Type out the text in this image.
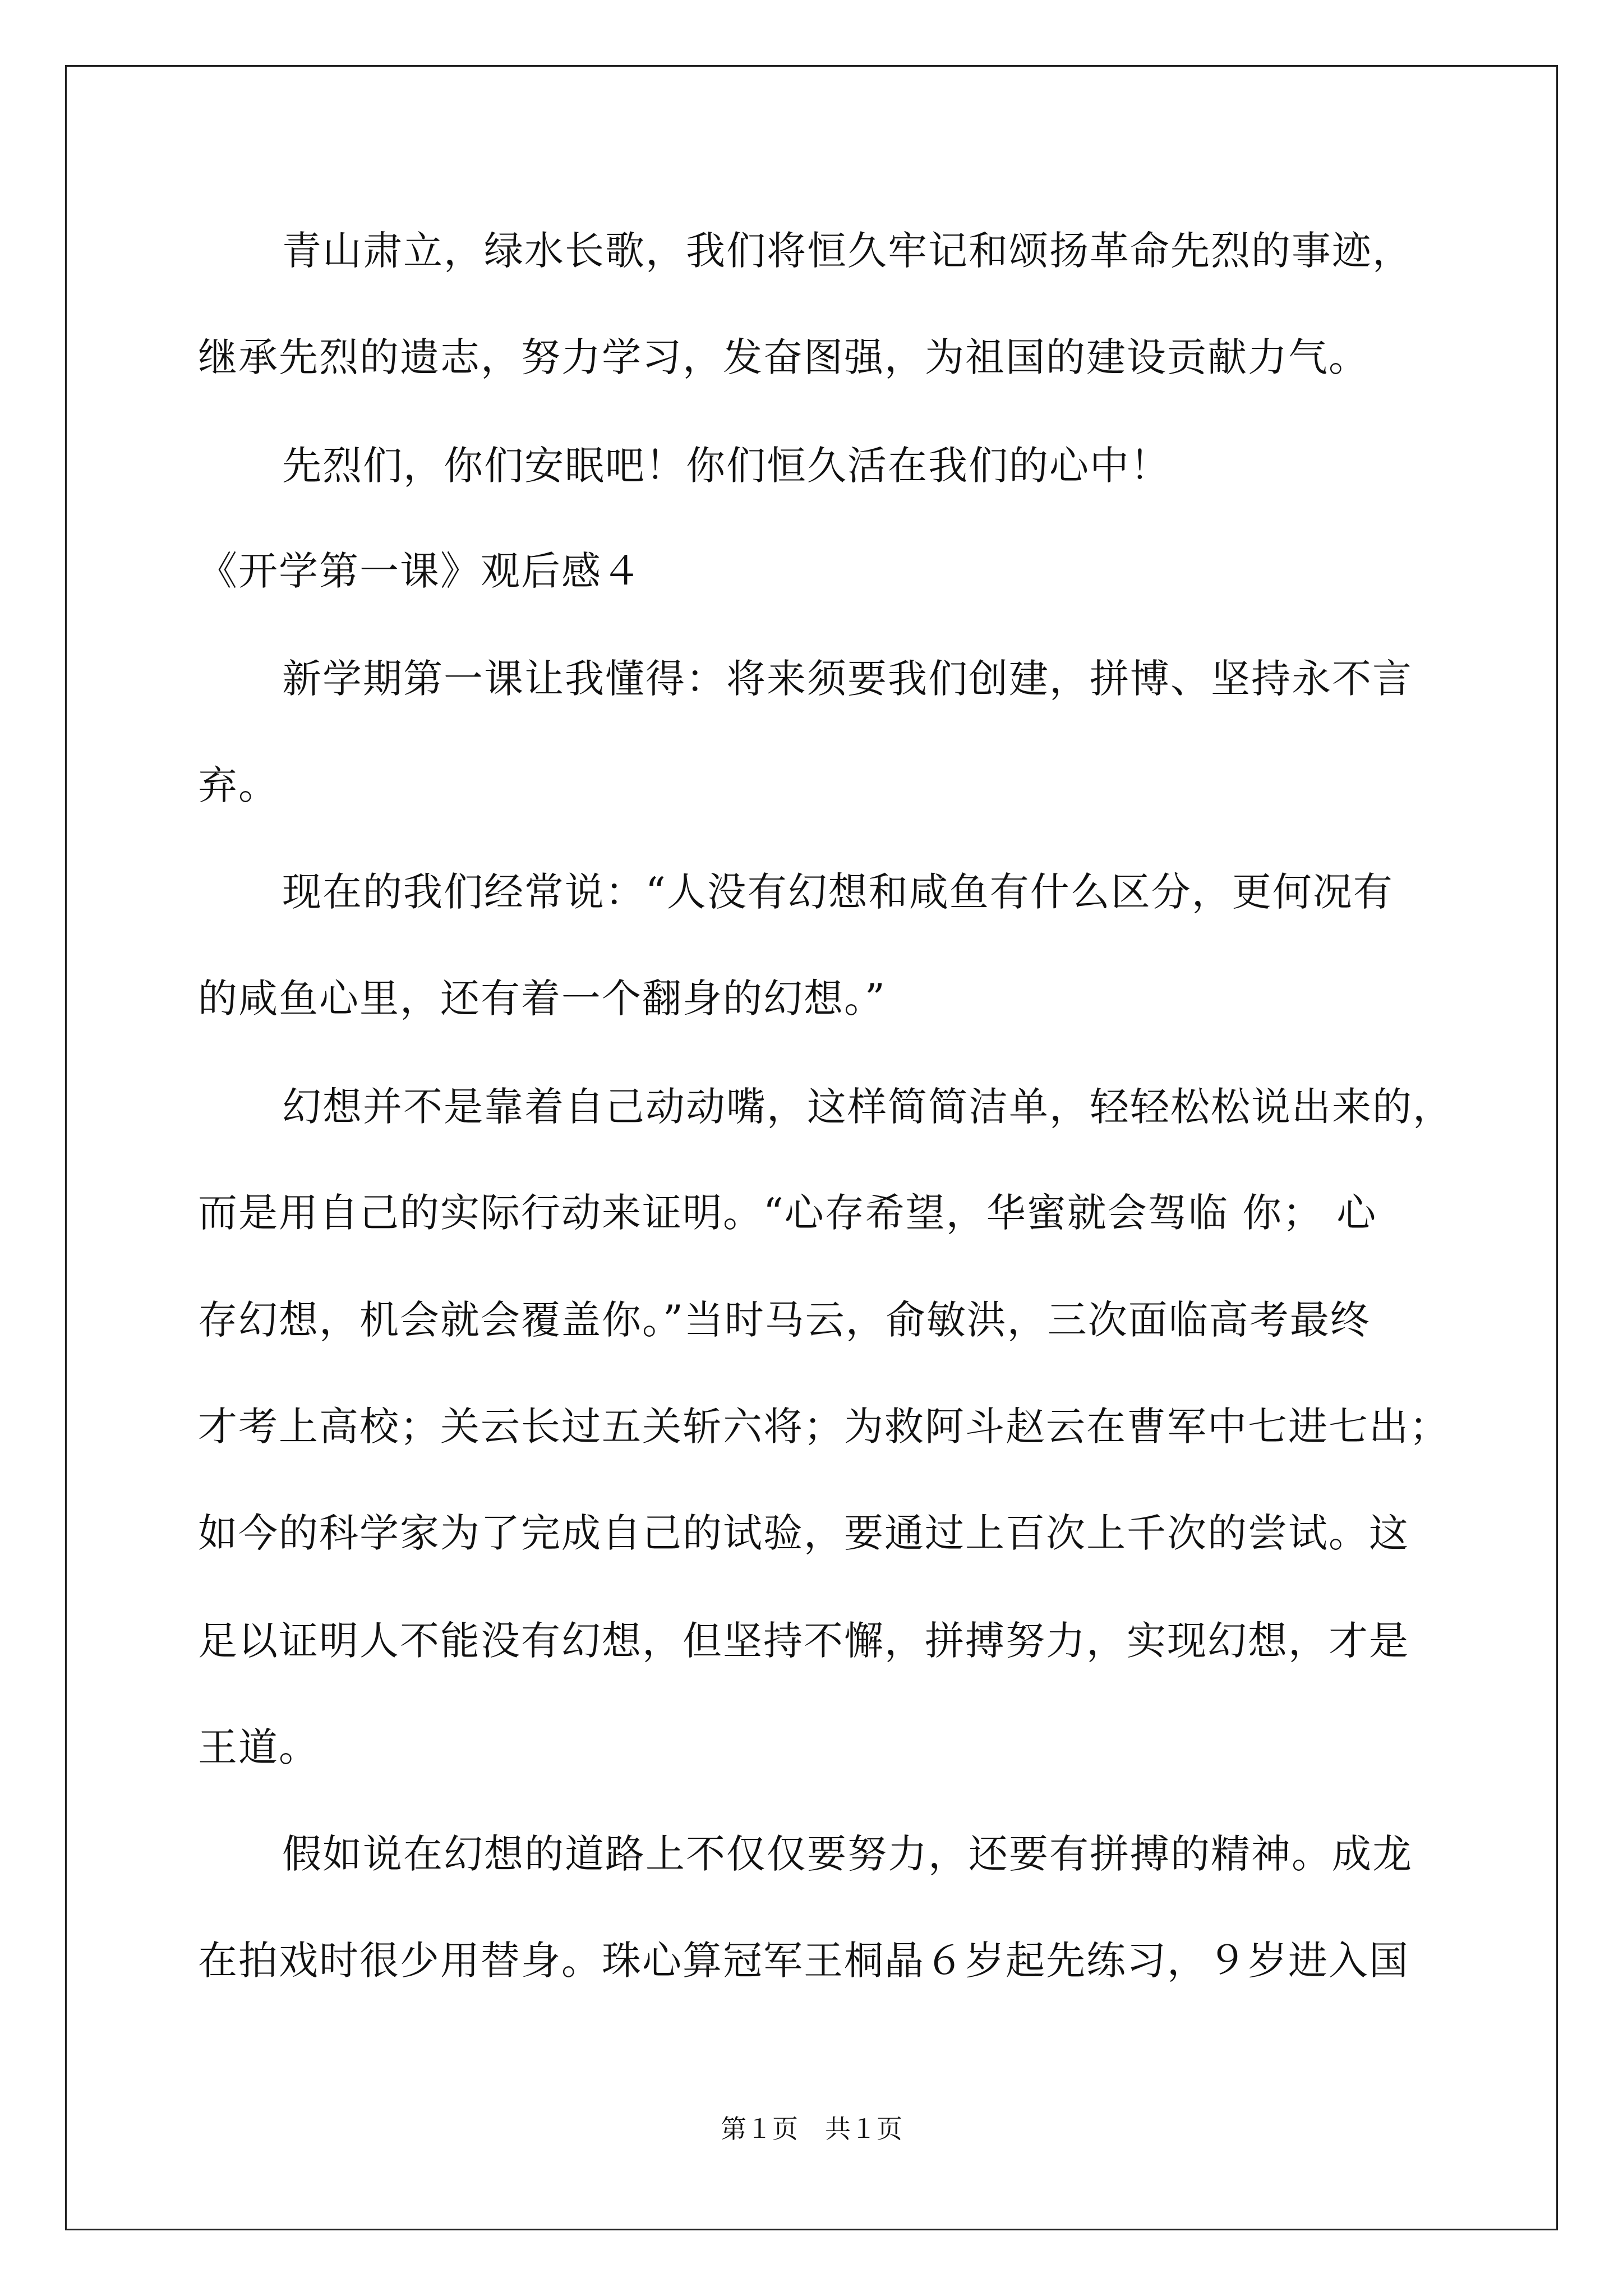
青山肃立，绿水长歌，我们将恒久牢记和颂扬革命先烈的事迹，
继承先烈的遗志，努力学习，发奋图强，为祖国的建设贡献力气。
先烈们，你们安眠吧！你们恒久活在我们的心中！
《开学第一课》观后感４
新学期第一课让我懂得：将来须要我们创建，拼博、坚持永不言
弃。
现在的我们经常说：“人没有幻想和咸鱼有什么区分，更何况有
的咸鱼心里，还有着一个翻身的幻想。”
幻想并不是靠着自己动动嘴，这样简简洁单，轻轻松松说出来的，
而是用自己的实际行动来证明。“心存希望，华蜜就会驾临 你； 心
存幻想，机会就会覆盖你。”当时马云，俞敏洪，三次面临高考最终
才考上高校；关云长过五关斩六将；为救阿斗赵云在曹军中七进七出；
如今的科学家为了完成自己的试验，要通过上百次上千次的尝试。这
足以证明人不能没有幻想，但坚持不懈，拼搏努力，实现幻想，才是
王道。
假如说在幻想的道路上不仅仅要努力，还要有拼搏的精神。成龙
在拍戏时很少用替身。珠心算冠军王桐晶６岁起先练习，９岁进入国
第１页 共１页
